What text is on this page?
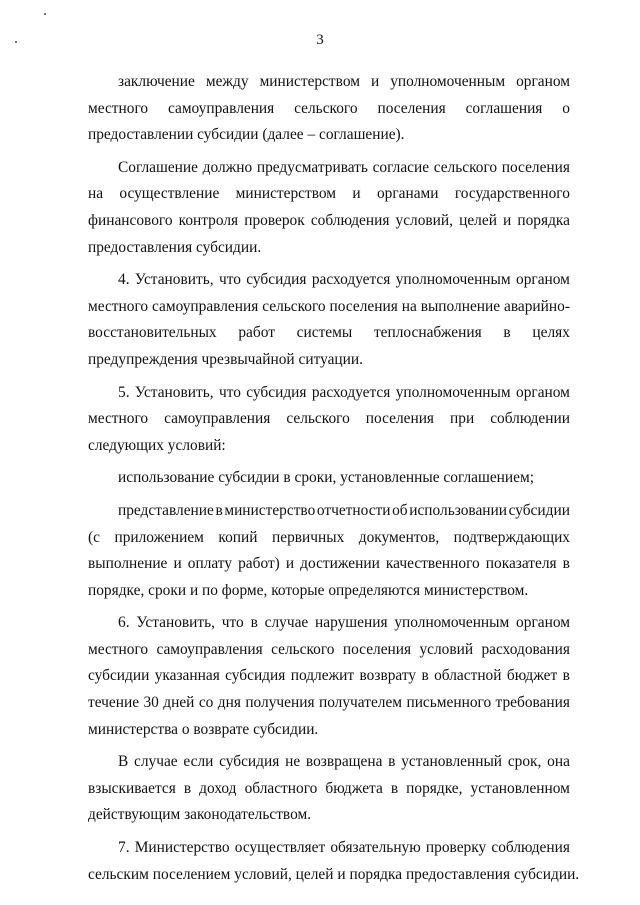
3
заключение между министерством и уполномоченным органом
местного самоуправления сельского поселения соглашения о
предоставлении субсидии (далее – соглашение).
Соглашение должно предусматривать согласие сельского поселения
на осуществление министерством и органами государственного
финансового контроля проверок соблюдения условий, целей и порядка
предоставления субсидии.
4. Установить, что субсидия расходуется уполномоченным органом
местного самоуправления сельского поселения на выполнение аварийно-
восстановительных работ системы теплоснабжения в целях
предупреждения чрезвычайной ситуации.
5. Установить, что субсидия расходуется уполномоченным органом
местного самоуправления сельского поселения при соблюдении
следующих условий:
использование субсидии в сроки, установленные соглашением;
представление в министерство отчетности об использовании субсидии
(с приложением копий первичных документов, подтверждающих
выполнение и оплату работ) и достижении качественного показателя в
порядке, сроки и по форме, которые определяются министерством.
6. Установить, что в случае нарушения уполномоченным органом
местного самоуправления сельского поселения условий расходования
субсидии указанная субсидия подлежит возврату в областной бюджет в
течение 30 дней со дня получения получателем письменного требования
министерства о возврате субсидии.
В случае если субсидия не возвращена в установленный срок, она
взыскивается в доход областного бюджета в порядке, установленном
действующим законодательством.
7. Министерство осуществляет обязательную проверку соблюдения
сельским поселением условий, целей и порядка предоставления субсидии.
